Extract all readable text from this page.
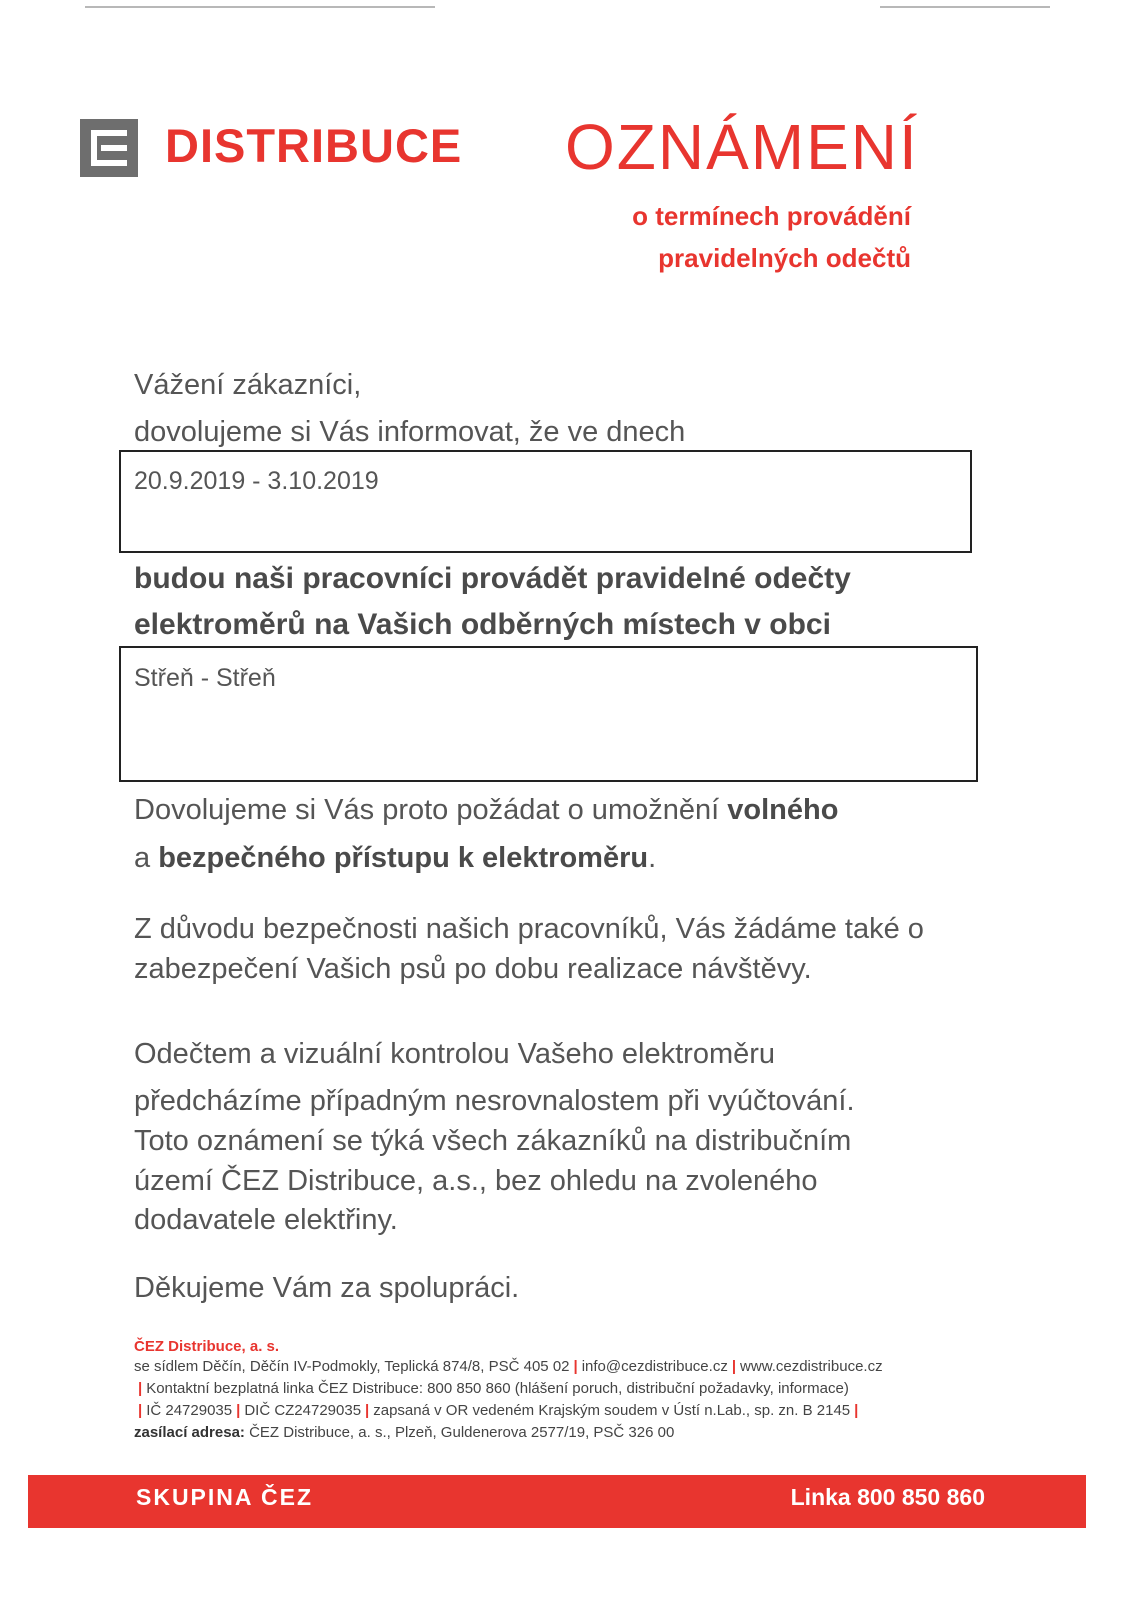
DISTRIBUCE OZNÁMENÍ
o termínech provádění
pravidelných odečtů
Vážení zákazníci,
dovolujeme si Vás informovat, že ve dnech
20.9.2019 - 3.10.2019
budou naši pracovníci provádět pravidelné odečty
elektroměrů na Vašich odběrných místech v obci
Střeň - Střeň
Dovolujeme si Vás proto požádat o umožnění volného
a bezpečného přístupu k elektroměru.
Z důvodu bezpečnosti našich pracovníků, Vás žádáme také o
zabezpečení Vašich psů po dobu realizace návštěvy.
Odečtem a vizuální kontrolou Vašeho elektroměru
předcházíme případným nesrovnalostem při vyúčtování.
Toto oznámení se týká všech zákazníků na distribučním
území ČEZ Distribuce, a.s., bez ohledu na zvoleného
dodavatele elektřiny.
Děkujeme Vám za spolupráci.
ČEZ Distribuce, a. s.
se sídlem Děčín, Děčín IV-Podmokly, Teplická 874/8, PSČ 405 02 | info@cezdistribuce.cz | www.cezdistribuce.cz
| Kontaktní bezplatná linka ČEZ Distribuce: 800 850 860 (hlášení poruch, distribuční požadavky, informace)
| IČ 24729035 | DIČ CZ24729035 | zapsaná v OR vedeném Krajským soudem v Ústí n.Lab., sp. zn. B 2145 |
zasílací adresa: ČEZ Distribuce, a. s., Plzeň, Guldenerova 2577/19, PSČ 326 00
SKUPINA ČEZ	Linka 800 850 860
